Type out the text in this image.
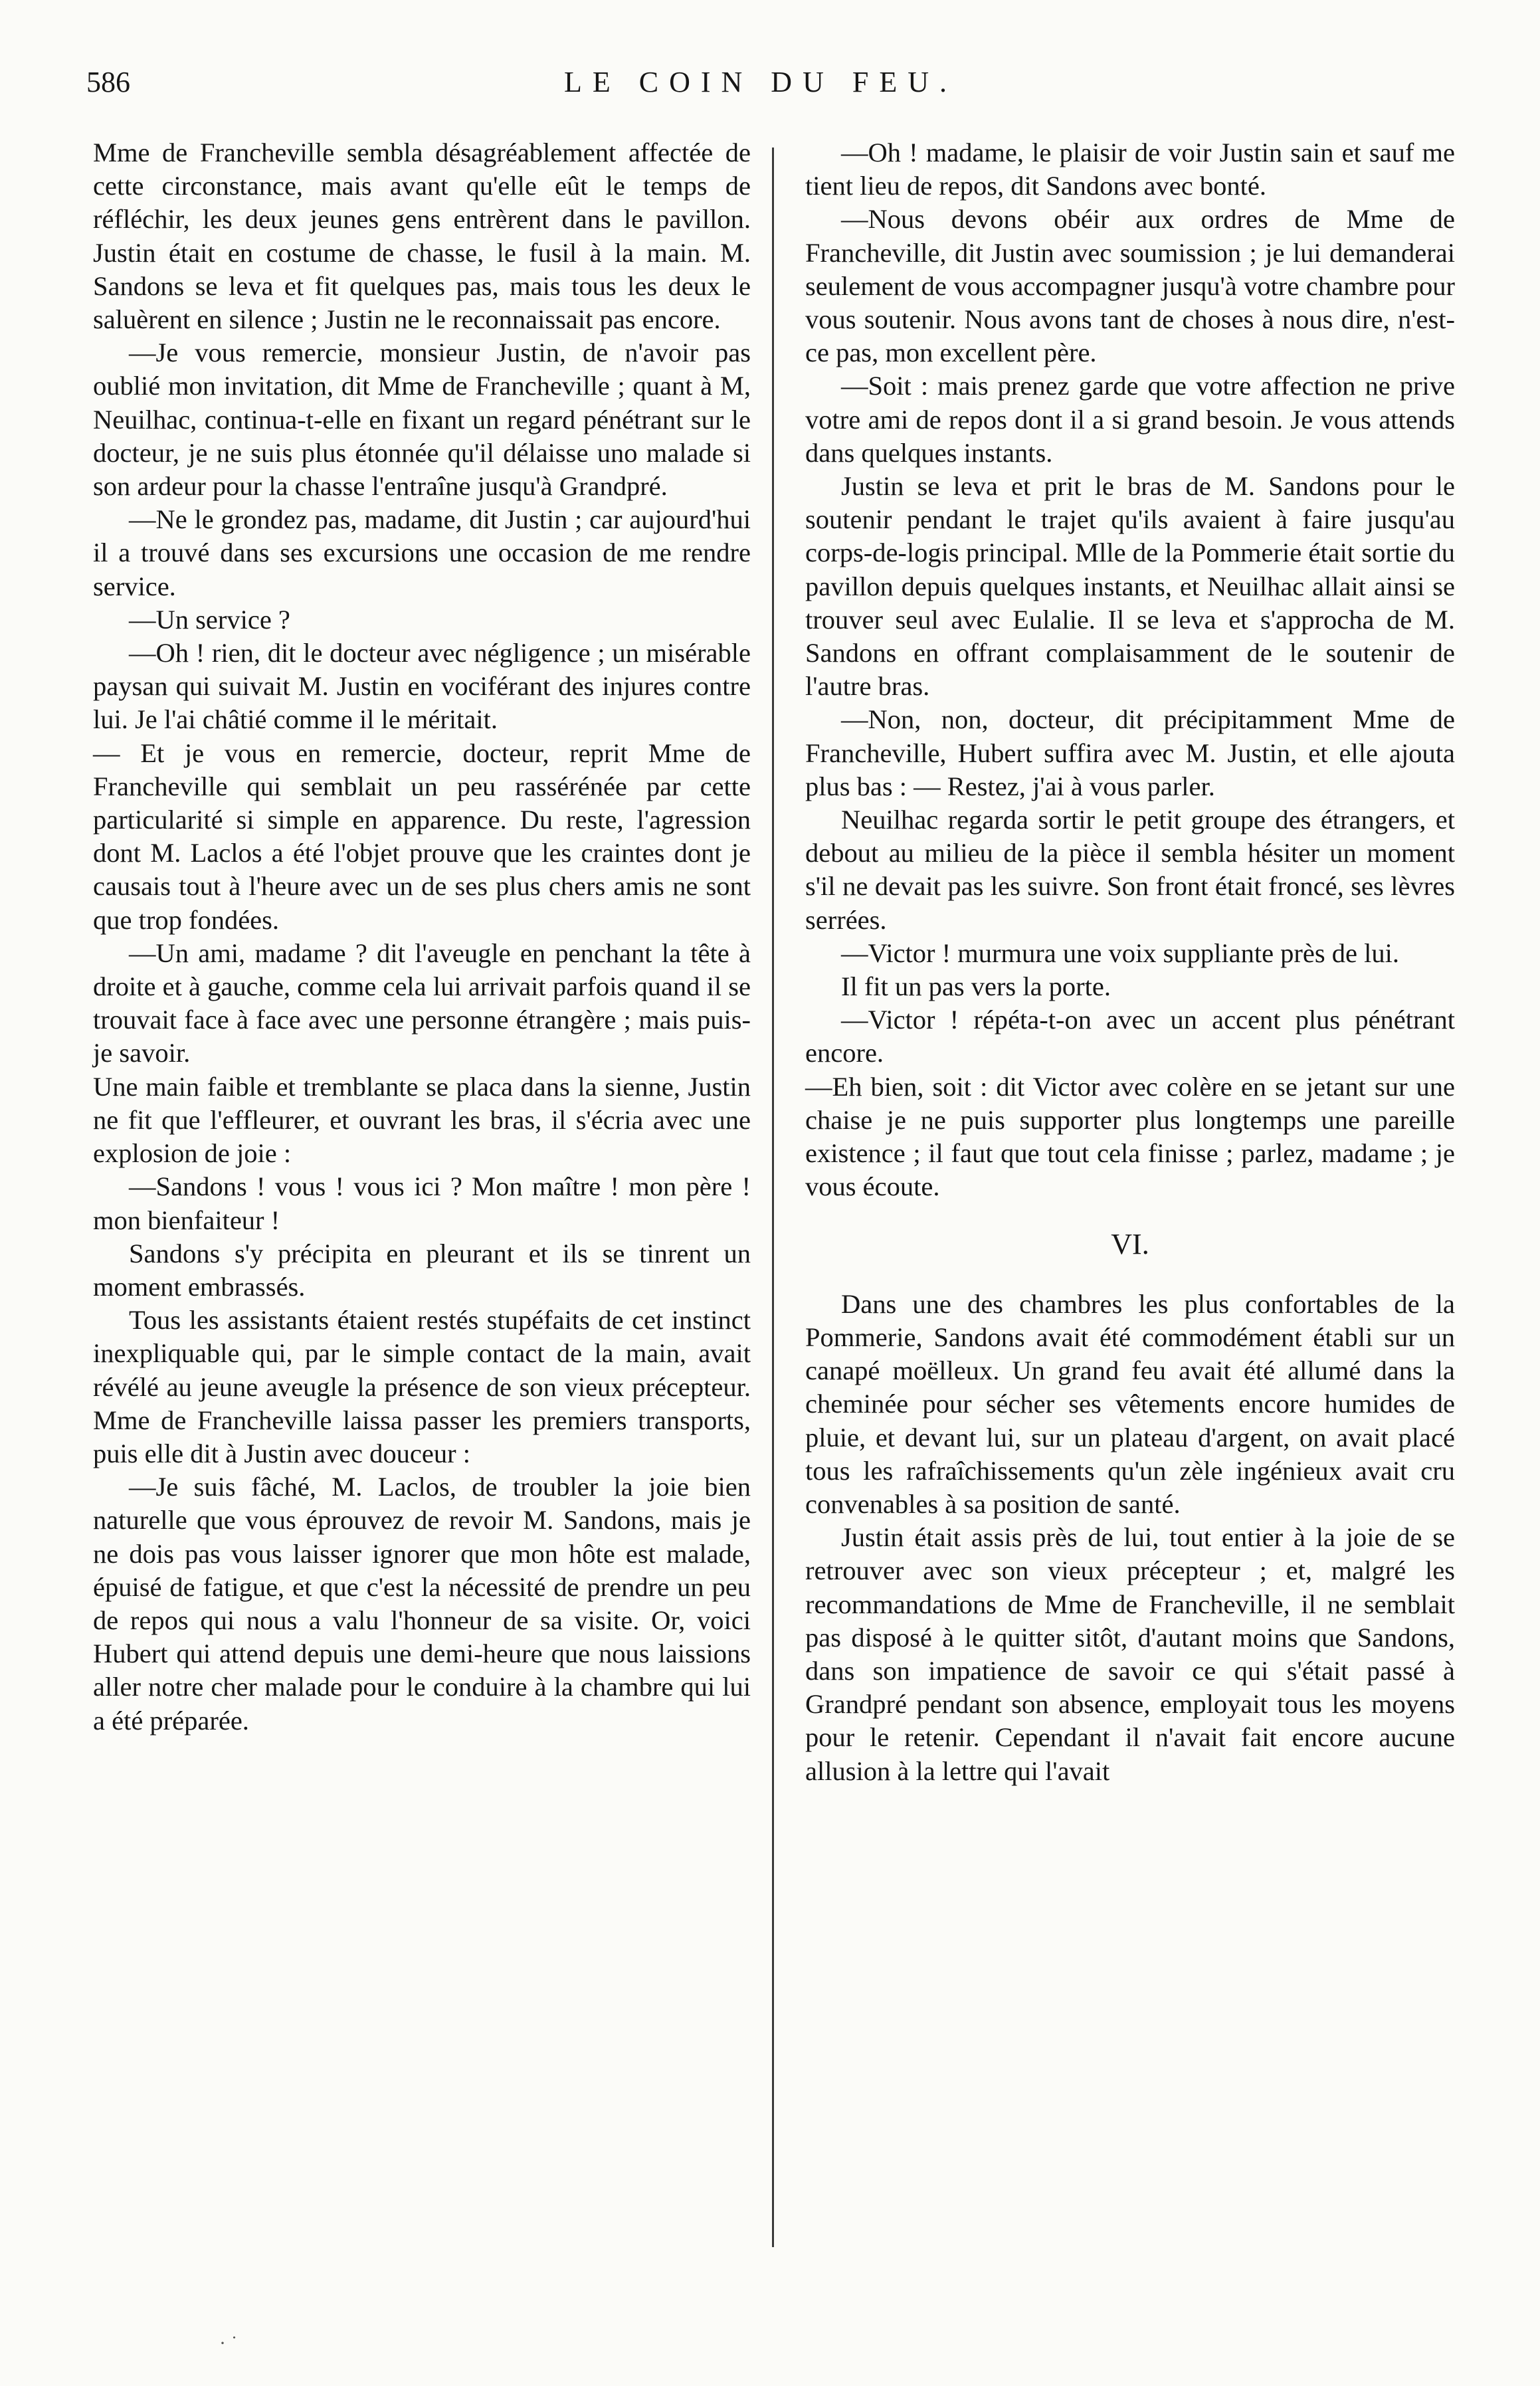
586	LE COIN DU FEU.

Mme de Francheville sembla désagréablement affectée de cette circonstance, mais avant qu'elle eût le temps de réfléchir, les deux jeunes gens entrèrent dans le pavillon. Justin était en costume de chasse, le fusil à la main. M. Sandons se leva et fit quelques pas, mais tous les deux le saluèrent en silence ; Justin ne le reconnaissait pas encore.

—Je vous remercie, monsieur Justin, de n'avoir pas oublié mon invitation, dit Mme de Francheville ; quant à M, Neuilhac, continua-t-elle en fixant un regard pénétrant sur le docteur, je ne suis plus étonnée qu'il délaisse uno malade si son ardeur pour la chasse l'entraîne jusqu'à Grandpré.

—Ne le grondez pas, madame, dit Justin ; car aujourd'hui il a trouvé dans ses excursions une occasion de me rendre service.

—Un service ?

—Oh ! rien, dit le docteur avec négligence ; un misérable paysan qui suivait M. Justin en vociférant des injures contre lui. Je l'ai châtié comme il le méritait.

— Et je vous en remercie, docteur, reprit Mme de Francheville qui semblait un peu rassérénée par cette particularité si simple en apparence. Du reste, l'agression dont M. Laclos a été l'objet prouve que les craintes dont je causais tout à l'heure avec un de ses plus chers amis ne sont que trop fondées.

—Un ami, madame ? dit l'aveugle en penchant la tête à droite et à gauche, comme cela lui arrivait parfois quand il se trouvait face à face avec une personne étrangère ; mais puis-je savoir.

Une main faible et tremblante se placa dans la sienne, Justin ne fit que l'effleurer, et ouvrant les bras, il s'écria avec une explosion de joie :

—Sandons ! vous ! vous ici ? Mon maître ! mon père ! mon bienfaiteur !

Sandons s'y précipita en pleurant et ils se tinrent un moment embrassés.

Tous les assistants étaient restés stupéfaits de cet instinct inexpliquable qui, par le simple contact de la main, avait révélé au jeune aveugle la présence de son vieux précepteur. Mme de Francheville laissa passer les premiers transports, puis elle dit à Justin avec douceur :

—Je suis fâché, M. Laclos, de troubler la joie bien naturelle que vous éprouvez de revoir M. Sandons, mais je ne dois pas vous laisser ignorer que mon hôte est malade, épuisé de fatigue, et que c'est la nécessité de prendre un peu de repos qui nous a valu l'honneur de sa visite. Or, voici Hubert qui attend depuis une demi-heure que nous laissions aller notre cher malade pour le conduire à la chambre qui lui a été préparée.

—Oh ! madame, le plaisir de voir Justin sain et sauf me tient lieu de repos, dit Sandons avec bonté.

—Nous devons obéir aux ordres de Mme de Francheville, dit Justin avec soumission ; je lui demanderai seulement de vous accompagner jusqu'à votre chambre pour vous soutenir. Nous avons tant de choses à nous dire, n'est-ce pas, mon excellent père.

—Soit : mais prenez garde que votre affection ne prive votre ami de repos dont il a si grand besoin. Je vous attends dans quelques instants.

Justin se leva et prit le bras de M. Sandons pour le soutenir pendant le trajet qu'ils avaient à faire jusqu'au corps-de-logis principal. Mlle de la Pommerie était sortie du pavillon depuis quelques instants, et Neuilhac allait ainsi se trouver seul avec Eulalie. Il se leva et s'approcha de M. Sandons en offrant complaisamment de le soutenir de l'autre bras.

—Non, non, docteur, dit précipitamment Mme de Francheville, Hubert suffira avec M. Justin, et elle ajouta plus bas : — Restez, j'ai à vous parler.

Neuilhac regarda sortir le petit groupe des étrangers, et debout au milieu de la pièce il sembla hésiter un moment s'il ne devait pas les suivre. Son front était froncé, ses lèvres serrées.

—Victor ! murmura une voix suppliante près de lui.

Il fit un pas vers la porte.

—Victor ! répéta-t-on avec un accent plus pénétrant encore.

—Eh bien, soit : dit Victor avec colère en se jetant sur une chaise je ne puis supporter plus longtemps une pareille existence ; il faut que tout cela finisse ; parlez, madame ; je vous écoute.

VI.

Dans une des chambres les plus confortables de la Pommerie, Sandons avait été commodément établi sur un canapé moëlleux. Un grand feu avait été allumé dans la cheminée pour sécher ses vêtements encore humides de pluie, et devant lui, sur un plateau d'argent, on avait placé tous les rafraîchissements qu'un zèle ingénieux avait cru convenables à sa position de santé.

Justin était assis près de lui, tout entier à la joie de se retrouver avec son vieux précepteur ; et, malgré les recommandations de Mme de Francheville, il ne semblait pas disposé à le quitter sitôt, d'autant moins que Sandons, dans son impatience de savoir ce qui s'était passé à Grandpré pendant son absence, employait tous les moyens pour le retenir. Cependant il n'avait fait encore aucune allusion à la lettre qui l'avait

· ˙
